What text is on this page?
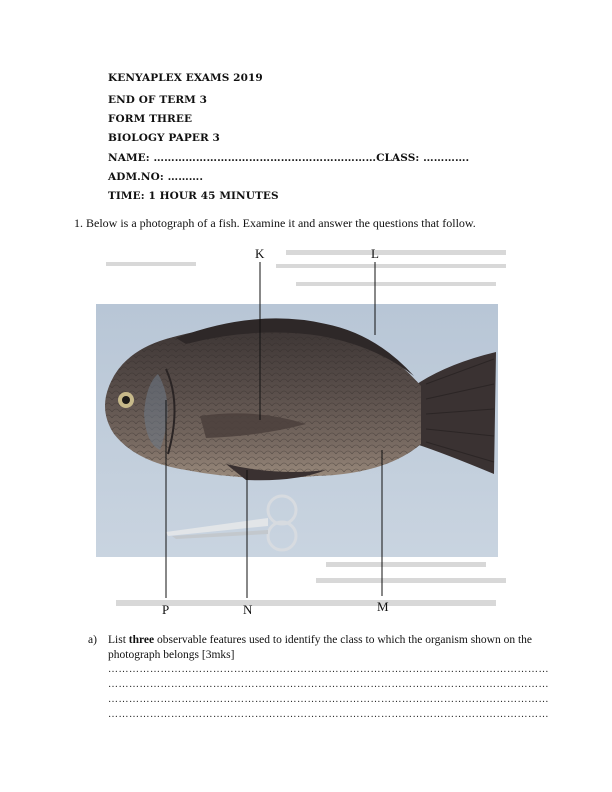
KENYAPLEX EXAMS 2019
END OF TERM 3
FORM THREE
BIOLOGY PAPER 3
NAME: ………………………………………………………CLASS: ………….
ADM.NO: ……….
TIME: 1 HOUR 45 MINUTES
1. Below is a photograph of a fish. Examine it and answer the questions that follow.
K	L
P	N	M
a) List three observable features used to identify the class to which the organism shown on the photograph belongs [3mks]
………………………………………………………………………………………………………………
………………………………………………………………………………………………………………
………………………………………………………………………………………………………………
………………………………………………………………………………………………………………
